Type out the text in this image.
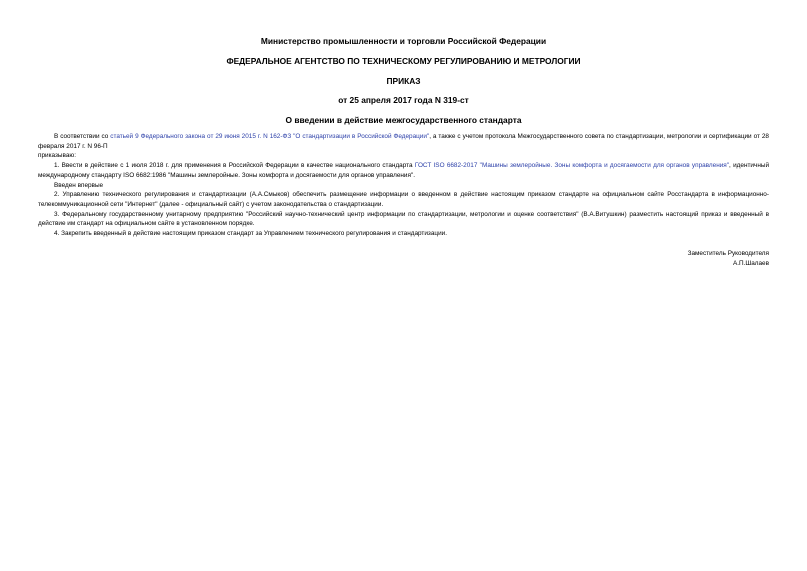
Министерство промышленности и торговли Российской Федерации
ФЕДЕРАЛЬНОЕ АГЕНТСТВО ПО ТЕХНИЧЕСКОМУ РЕГУЛИРОВАНИЮ И МЕТРОЛОГИИ
ПРИКАЗ
от 25 апреля 2017 года N 319-ст
О введении в действие межгосударственного стандарта

В соответствии со статьей 9 Федерального закона от 29 июня 2015 г. N 162-ФЗ "О стандартизации в Российской Федерации", а также с учетом протокола Межгосударственного совета по стандартизации, метрологии и сертификации от 28 февраля 2017 г. N 96-П

приказываю:

1. Ввести в действие с 1 июля 2018 г. для применения в Российской Федерации в качестве национального стандарта ГОСТ ISO 6682-2017 "Машины землеройные. Зоны комфорта и досягаемости для органов управления", идентичный международному стандарту ISO 6682:1986 "Машины землеройные. Зоны комфорта и досягаемости для органов управления".

Введен впервые

2. Управлению технического регулирования и стандартизации (А.А.Смыков) обеспечить размещение информации о введенном в действие настоящим приказом стандарте на официальном сайте Росстандарта в информационно-телекоммуникационной сети "Интернет" (далее - официальный сайт) с учетом законодательства о стандартизации.

3. Федеральному государственному унитарному предприятию "Российский научно-технический центр информации по стандартизации, метрологии и оценке соответствия" (В.А.Витушкин) разместить настоящий приказ и введенный в действие им стандарт на официальном сайте в установленном порядке.

4. Закрепить введенный в действие настоящим приказом стандарт за Управлением технического регулирования и стандартизации.

Заместитель Руководителя
А.П.Шалаев
